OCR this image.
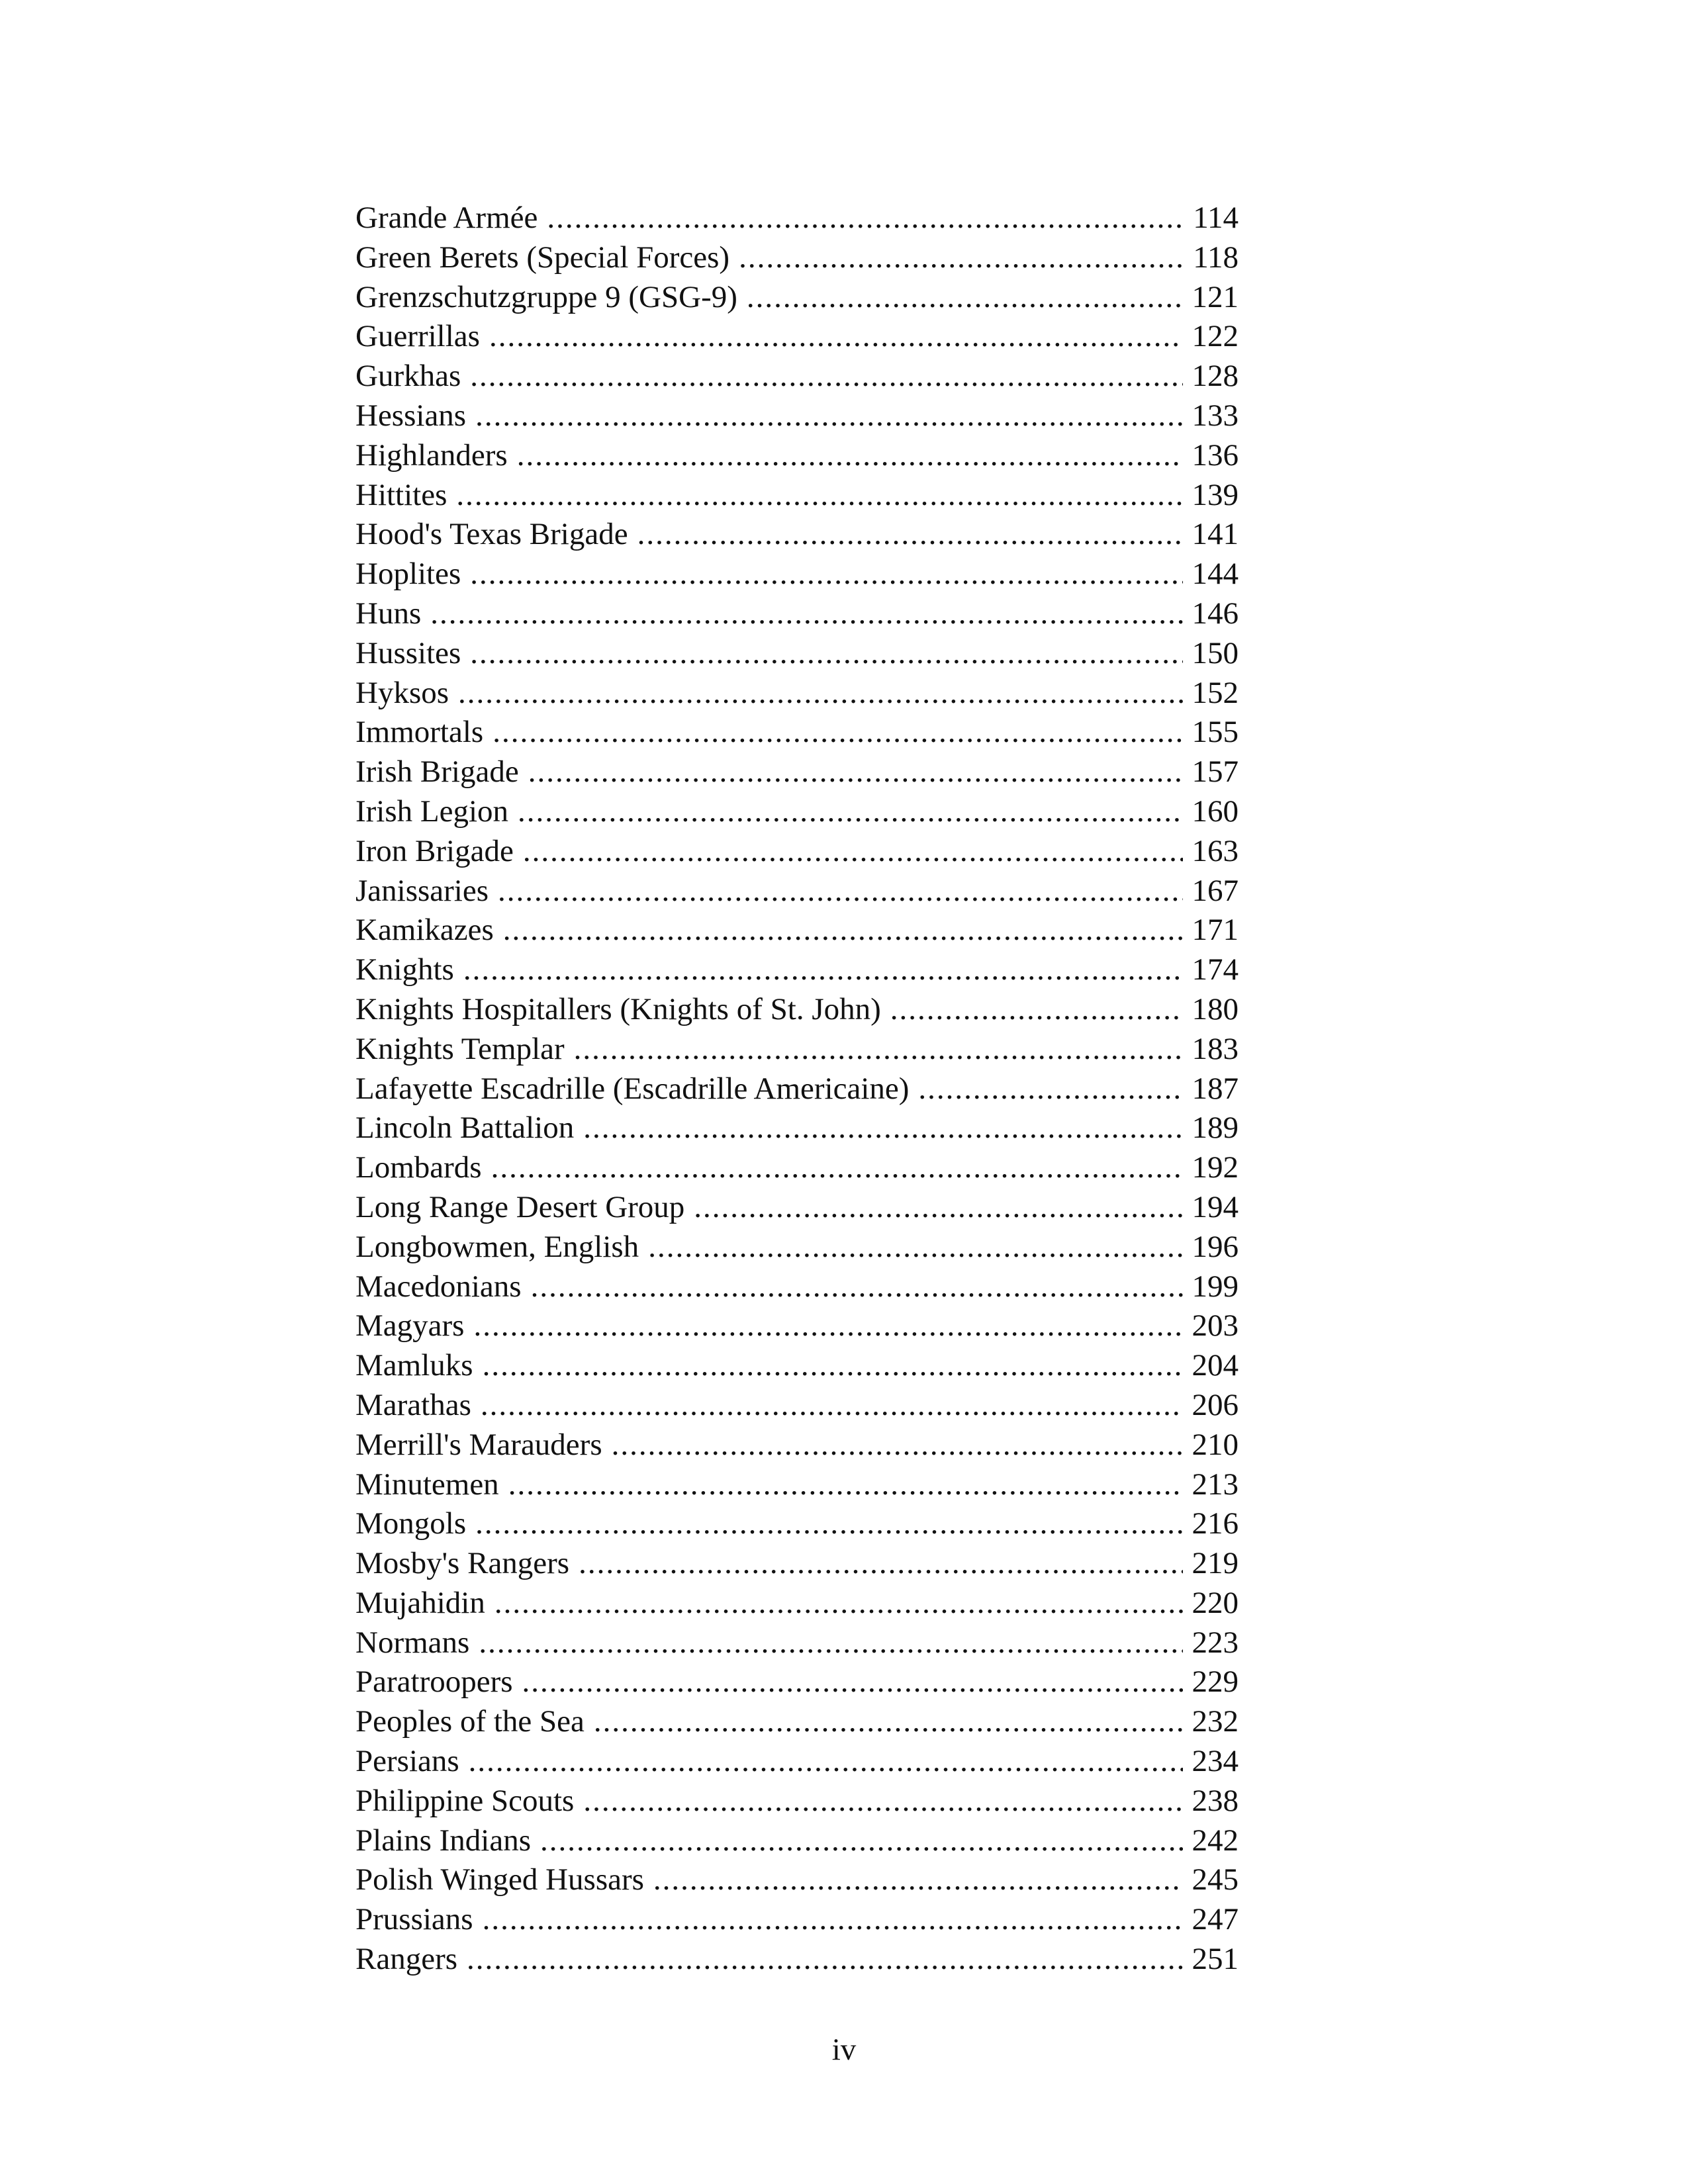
Grande Armée .....	114
Green Berets (Special Forces) .....	118
Grenzschutzgruppe 9 (GSG-9) .....	121
Guerrillas .....	122
Gurkhas .....	128
Hessians .....	133
Highlanders .....	136
Hittites .....	139
Hood's Texas Brigade .....	141
Hoplites .....	144
Huns .....	146
Hussites .....	150
Hyksos .....	152
Immortals .....	155
Irish Brigade .....	157
Irish Legion .....	160
Iron Brigade .....	163
Janissaries .....	167
Kamikazes .....	171
Knights .....	174
Knights Hospitallers (Knights of St. John) .....	180
Knights Templar .....	183
Lafayette Escadrille (Escadrille Americaine) .....	187
Lincoln Battalion .....	189
Lombards .....	192
Long Range Desert Group .....	194
Longbowmen, English .....	196
Macedonians .....	199
Magyars .....	203
Mamluks .....	204
Marathas .....	206
Merrill's Marauders .....	210
Minutemen .....	213
Mongols .....	216
Mosby's Rangers .....	219
Mujahidin .....	220
Normans .....	223
Paratroopers .....	229
Peoples of the Sea .....	232
Persians .....	234
Philippine Scouts .....	238
Plains Indians .....	242
Polish Winged Hussars .....	245
Prussians .....	247
Rangers .....	251
iv
